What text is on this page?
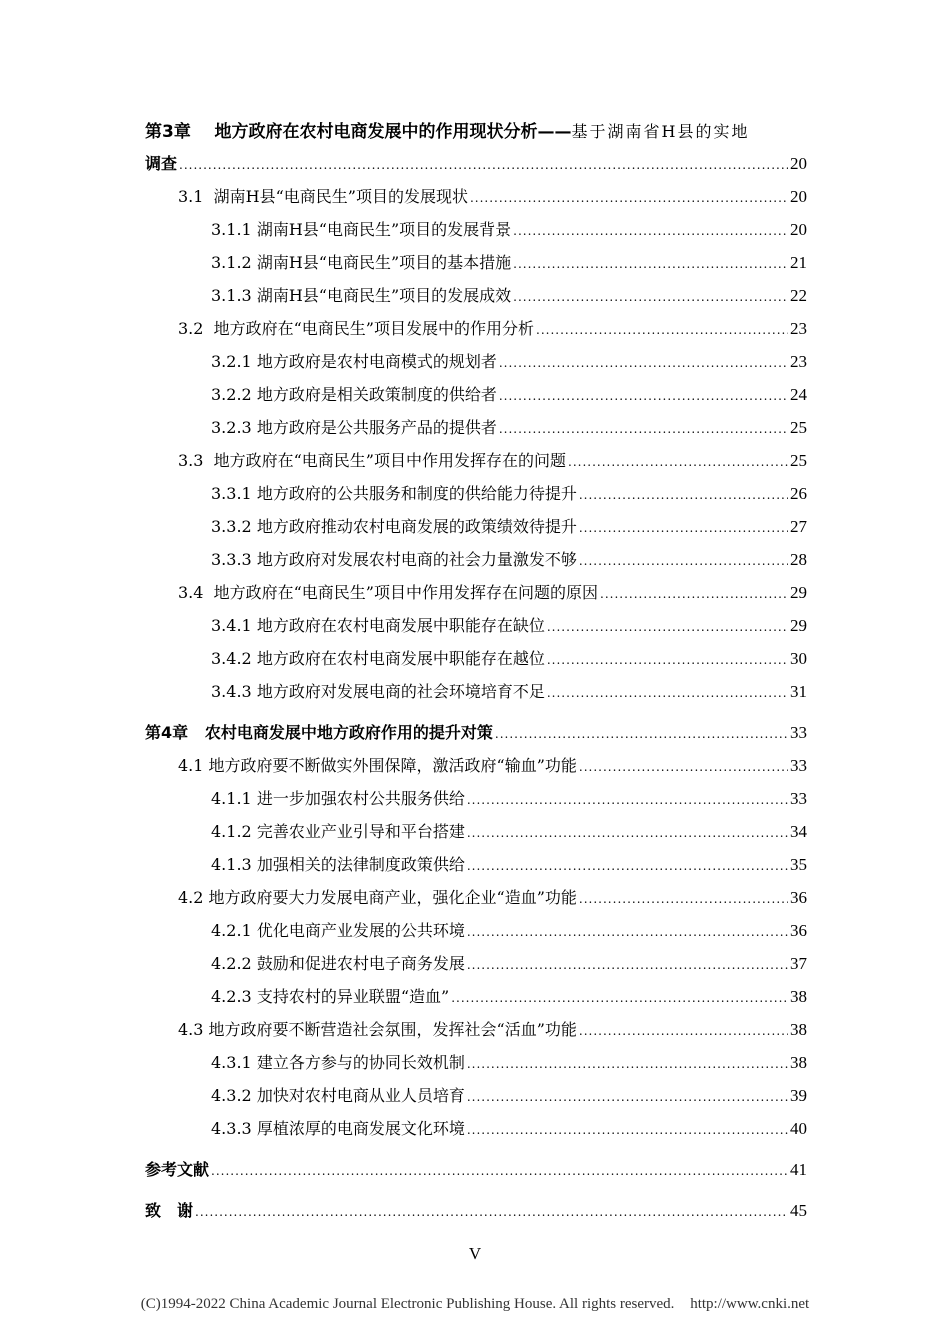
第3章 地方政府在农村电商发展中的作用现状分析——基于湖南省H县的实地
调查 .....	20
3.1 湖南H县“电商民生”项目的发展现状 .....	20
3.1.1 湖南H县“电商民生”项目的发展背景 .....	20
3.1.2 湖南H县“电商民生”项目的基本措施 .....	21
3.1.3 湖南H县“电商民生”项目的发展成效 .....	22
3.2 地方政府在“电商民生”项目发展中的作用分析 .....	23
3.2.1 地方政府是农村电商模式的规划者 .....	23
3.2.2 地方政府是相关政策制度的供给者 .....	24
3.2.3 地方政府是公共服务产品的提供者 .....	25
3.3 地方政府在“电商民生”项目中作用发挥存在的问题 .....	25
3.3.1 地方政府的公共服务和制度的供给能力待提升 .....	26
3.3.2 地方政府推动农村电商发展的政策绩效待提升 .....	27
3.3.3 地方政府对发展农村电商的社会力量激发不够 .....	28
3.4 地方政府在“电商民生”项目中作用发挥存在问题的原因 .....	29
3.4.1 地方政府在农村电商发展中职能存在缺位 .....	29
3.4.2 地方政府在农村电商发展中职能存在越位 .....	30
3.4.3 地方政府对发展电商的社会环境培育不足 .....	31
第4章 农村电商发展中地方政府作用的提升对策 .....	33
4.1 地方政府要不断做实外围保障，激活政府“输血”功能 .....	33
4.1.1 进一步加强农村公共服务供给 .....	33
4.1.2 完善农业产业引导和平台搭建 .....	34
4.1.3 加强相关的法律制度政策供给 .....	35
4.2 地方政府要大力发展电商产业，强化企业“造血”功能 .....	36
4.2.1 优化电商产业发展的公共环境 .....	36
4.2.2 鼓励和促进农村电子商务发展 .....	37
4.2.3 支持农村的异业联盟“造血” .....	38
4.3 地方政府要不断营造社会氛围，发挥社会“活血”功能 .....	38
4.3.1 建立各方参与的协同长效机制 .....	38
4.3.2 加快对农村电商从业人员培育 .....	39
4.3.3 厚植浓厚的电商发展文化环境 .....	40
参考文献 .....	41
致　谢 .....	45
V
(C)1994-2022 China Academic Journal Electronic Publishing House. All rights reserved. http://www.cnki.net
